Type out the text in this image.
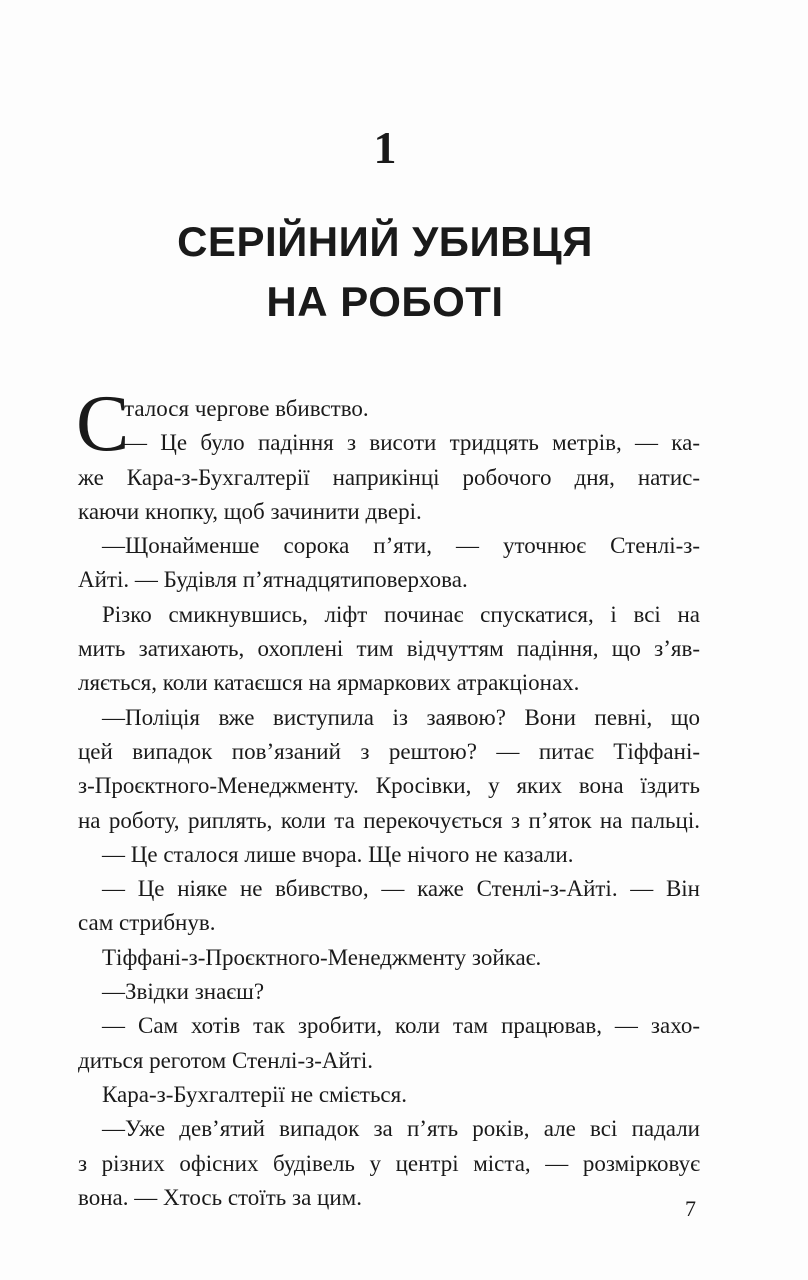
1
СЕРІЙНИЙ УБИВЦЯ
НА РОБОТІ
С
талося чергове вбивство.
— Це було падіння з висоти тридцять метрів, — ка-
же Кара-з-Бухгалтерії наприкінці робочого дня, натис-
каючи кнопку, щоб зачинити двері.
—Щонайменше сорока п’яти, — уточнює Стенлі-з-
Айті. — Будівля п’ятнадцятиповерхова.
Різко смикнувшись, ліфт починає спускатися, і всі на
мить затихають, охоплені тим відчуттям падіння, що з’яв-
ляється, коли катаєшся на ярмаркових атракціонах.
—Поліція вже виступила із заявою? Вони певні, що
цей випадок пов’язаний з рештою? — питає Тіффані-
з-Проєктного-Менеджменту. Кросівки, у яких вона їздить
на роботу, риплять, коли та перекочується з п’яток на пальці.
— Це сталося лише вчора. Ще нічого не казали.
— Це ніяке не вбивство, — каже Стенлі-з-Айті. — Він
сам стрибнув.
Тіффані-з-Проєктного-Менеджменту зойкає.
—Звідки знаєш?
— Сам хотів так зробити, коли там працював, — захо-
диться реготом Стенлі-з-Айті.
Кара-з-Бухгалтерії не сміється.
—Уже дев’ятий випадок за п’ять років, але всі падали
з різних офісних будівель у центрі міста, — розмірковує
вона. — Хтось стоїть за цим.	7
